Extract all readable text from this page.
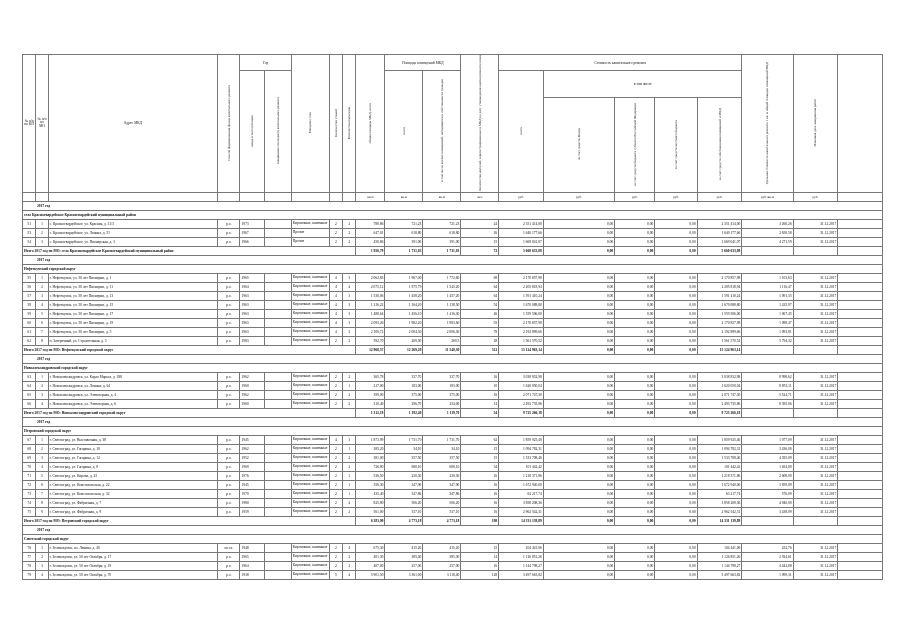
№ п/п по КП	№ п/п по МО	Адрес МКД	Способ формирования фонда капитального ремонта	Год		Материал стен	Количество этажей	Количество подъездов	общая площадь МКД, всего	Площадь помещений МКД		Количество жителей, зарегистрированных в МКД на дату утверждения краткосрочного плана	Стоимость капитального ремонта					Удельная стоимость капитального ремонта 1 кв. м общей площади помещений МКД	Плановая дата завершения работ	
				ввода в эксплуатацию	завершение последнего капитального ремонта					всего	в том числе жилых помещений, находящихся в собственности граждан		всего	в том числе						
														за счет средств Фонда	за счет средств бюджета субъекта Российской Федерации	за счет средств местного бюджета	за счет средств собственников помещений в МКД			
									кв.м	кв.м	кв.м	чел.	руб.	руб.	руб.	руб.	руб.	руб./кв.м	руб.	
2017 год																				
село Красногвардейское Красногвардейский муниципальный район																				
51	1	с. Красногвардейское, ул. Красная, д. 31/3	р.о.	1973		Кирпичные, каменные	2	2	788,86	721,23	721,23	24	2 351 414,00	0,00	0,00	0,00	2 351 414,00	3 260,26	31.12.2017	
53	2	с. Красногвардейское, ул. Ленина, д. 51	р.о.	1967		Прочие	2	2	647,01	618,80	618,80	26	1 640 177,66	0,00	0,00	0,00	1 640 177,66	2 650,58	31.12.2017	
54	3	с. Красногвардейское, ул. Пионерская, д. 3	р.о.	1966		Прочие	2	2	450,86	391,00	391,00	15	1 669 041,07	0,00	0,00	0,00	1 669 041,07	4 271,59	31.12.2017	
Итого 2017 год по МО: село Красногвардейское Красногвардейский муниципальный район									1 956,79	1 731,03	1 731,03	72	5 660 633,08	0,00	0,00	0,00	5 660 633,08			
2017 год																				
Нефтекумский городской округ																				
55	1	г. Нефтекумск, ул. 50 лет Пионерии, д. 1	р.о.	1965		Кирпичные, каменные	4	3	2 062,83	1 967,00	1 772,60	69	2 170 857,98	0,00	0,00	0,00	2 170 857,98	1 103,63	31.12.2017	
56	2	г. Нефтекумск, ул. 50 лет Пионерии, д. 11	р.о.	1964		Кирпичные, каменные	4	4	2 075,12	1 975,79	1 545,20	64	2 205 818,94	0,00	0,00	0,00	2 205 818,94	1 116,47	31.12.2017	
57	3	г. Нефтекумск, ул. 50 лет Пионерии, д. 13	р.о.	1963		Кирпичные, каменные	4	3	1 530,06	1 458,20	1 457,20	64	1 591 410,24	0,00	0,00	0,00	1 591 410,24	1 091,35	31.12.2017	
58	4	г. Нефтекумск, ул. 50 лет Пионерии, д. 15	р.о.	1963		Кирпичные, каменные	4	3	1 216,22	1 164,20	1 138,50	54	1 670 088,80	0,00	0,00	0,00	1 670 088,80	1 435,97	31.12.2017	
59	5	г. Нефтекумск, ул. 50 лет Пионерии, д. 17	р.о.	1963		Кирпичные, каменные	4	3	1 488,64	1 456,10	1 416,30	46	1 559 506,00	0,00	0,00	0,00	1 559 506,00	1 067,45	31.12.2017	
60	6	г. Нефтекумск, ул. 50 лет Пионерии, д. 19	р.о.	1963		Кирпичные, каменные	4	3	2 093,26	1 982,20	1 983,60	93	2 170 857,98	0,00	0,00	0,00	2 170 857,98	1 098,47	31.12.2017	
61	7	г. Нефтекумск, ул. 50 лет Пионерии, д. 5	р.о.	1963		Кирпичные, каменные	4	3	2 100,72	2 004,30	2 006,30	78	2 192 899,66	0,00	0,00	0,00	2 192 899,66	1 093,81	31.12.2017	
62	8	п. Затеречный, ул. Строительная, д. 5	р.о.	1983		Кирпичные, каменные	2	2	392,70	269,50	269,5	28	1 561 570,52	0,00	0,00	0,00	1 561 570,52	5 794,32	31.12.2017	
Итого 2017 год по МО: Нефтекумский городской округ									12 968,57	12 269,20	11 540,30	512	15 124 963,14	0,00	0,00	0,00	15 124 963,14			
2017 год																				
Новоалександровский городской округ																				
63	1	г. Новоалександровск, ул. Карла Маркса, д. 188	р.о.	1962		Кирпичные, каменные	2	2	365,78	337,70	337,70	16	3 038 832,98	0,00	0,00	0,00	3 038 832,98	8 998,62	31.12.2017	
64	2	г. Новоалександровск, ул. Ленина, д. 64	р.о.	1960		Кирпичные, каменные	2	1	217,00	183,00	183,00	10	1 620 050,04	0,00	0,00	0,00	1 620 050,04	8 853,11	31.12.2017	
65	3	г. Новоалександровск, ул. Элеваторная, д. 4	р.о.	1962		Кирпичные, каменные	2	2	399,00	375,00	375,00	16	2 071 747,30	0,00	0,00	0,00	2 071 747,30	5 524,71	31.12.2017	
66	4	г. Новоалександровск, ул. Элеваторная, д. 6	р.о.	1960		Кирпичные, каменные	2	2	310,40	296,70	254,00	14	2 493 735,86	0,00	0,00	0,00	2 493 735,86	8 395,06	31.12.2017	
Итого 2017 год по МО: Новоалександровский городской округ									1 312,18	1 192,40	1 119,70	54	9 725 266,18	0,00	0,00	0,00	9 725 266,18			
2017 год																				
Петровский городской округ																				
67	1	г. Светлоград, ул. Выставочная, д. 38	р.о.	1945		Кирпичные, каменные	4	3	1 873,99	1 731,70	1 731,70	62	1 859 925,40	0,00	0,00	0,00	1 859 925,40	1 077,09	31.12.2017	
68	2	г. Светлоград, ул. Гагарина, д. 10	р.о.	1962		Кирпичные, каменные	2	1	385,20	34,10	34,10	15	1 094 782,31	0,00	0,00	0,00	1 094 782,31	3 436,00	31.12.2017	
69	3	г. Светлоград, ул. Гагарина, д. 12	р.о.	1952		Кирпичные, каменные	2	2	381,00	357,50	357,50	15	1 533 708,46	0,00	0,00	0,00	1 533 708,46	4 035,09	31.12.2017	
70	4	г. Светлоград, ул. Гагарина, д. 8	р.о.	1969		Кирпичные, каменные	2	2	726,90	680,10	680,10	34	101 442,42	0,00	0,00	0,00	101 442,42	1 654,00	31.12.2017	
71	5	г. Светлоград, ул. Кирова, д. 25	р.о.	1976		Кирпичные, каменные	2	1	536,50	230,30	230,30	16	1 218 371,86	0,00	0,00	0,00	1 218 371,86	2 608,00	31.12.2017	
72	6	г. Светлоград, ул. Комсомольская, д. 22	р.о.	1945		Кирпичные, каменные	2	1	356,30	347,90	347,90	16	1 672 940,00	0,00	0,00	0,00	1 672 940,00	3 859,09	31.12.2017	
73	7	г. Светлоград, ул. Комсомольская, д. 32	р.о.	1970		Кирпичные, каменные	2	1	435,40	347,86	347,86	16	63 217,74	0,00	0,00	0,00	63 217,74	576,09	31.12.2017	
74	8	г. Светлоград, ул. Фабричная, д. 7	р.о.	1980		Кирпичные, каменные	2	2	825,80	506,20	506,20	16	3 858 208,36	0,00	0,00	0,00	3 858 208,36	4 940,00	31.12.2017	
75	9	г. Светлоград, ул. Фабричная, д. 9	р.о.	1959		Кирпичные, каменные	2	2	561,00	537,10	537,10	16	2 962 542,31	0,00	0,00	0,00	2 962 542,31	3 438,09	31.12.2017	
Итого 2017 год по МО: Петровский городской округ									6 283,90	4 773,18	4 773,18	198	14 331 139,89	0,00	0,00	0,00	14 331 139,89			
2017 год																				
Советский городской округ																				
76	1	г. Зеленокумск, пл. Ленина, д. 40	оп.сч.	1948		Кирпичные, каменные	2	4	675,30	415,20	415,20	15	104 441,06	0,00	0,00	0,00	104 441,06	252,76	31.12.2017	
77	2	г. Зеленокумск, ул. 50 лет Октября, д. 17	р.о.	1965		Кирпичные, каменные	2	2	401,30	385,30	385,30	14	1 126 851,26	0,00	0,00	0,00	1 126 851,26	2 924,61	31.12.2017	
78	3	г. Зеленокумск, ул. 50 лет Октября, д. 19	р.о.	1964		Кирпичные, каменные	2	2	407,00	257,00	257,00	16	1 144 798,27	0,00	0,00	0,00	1 144 798,27	4 442,88	31.12.2017	
79	4	г. Зеленокумск, ул. 50 лет Октября, д. 70	р.о.	1938		Кирпичные, каменные	5	4	5 901,50	3 361,00	3 118,40	128	3 497 663,82	0,00	0,00	0,00	3 497 663,82	1 099,31	31.12.2017	
